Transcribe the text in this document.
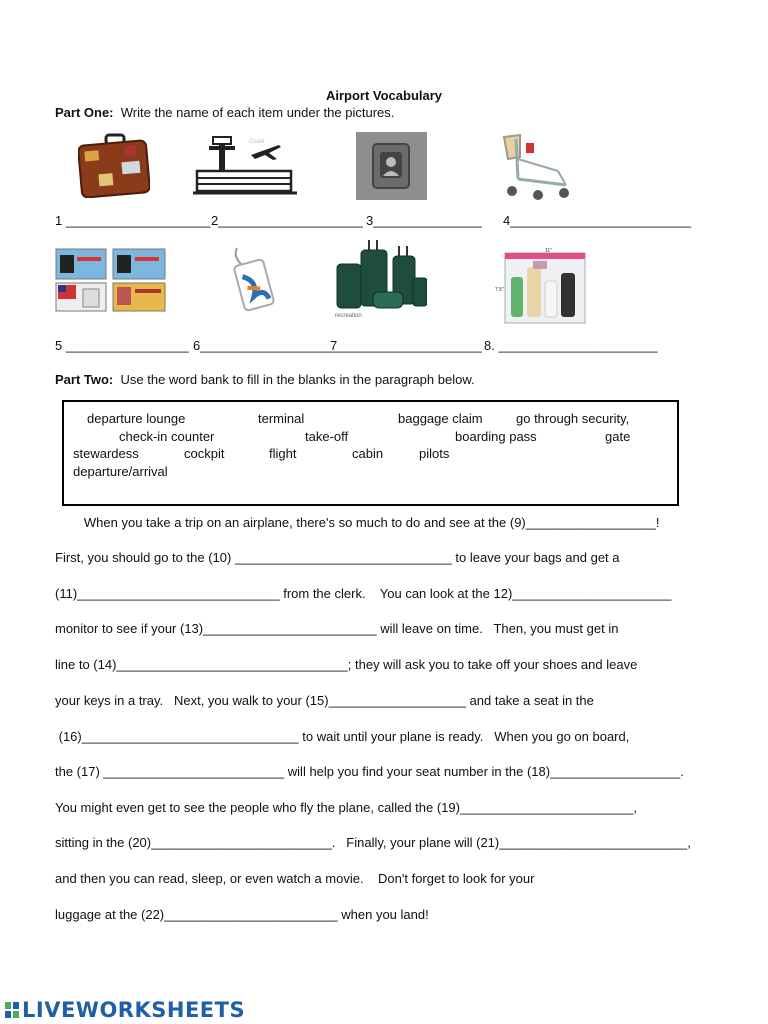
Airport Vocabulary
Part One: Write the name of each item under the pictures.
Coast
1 ____________________ 2____________________ 3_______________ 4_________________________
recreation
11"
7.5"
5 _________________ 6___________________
7____________________ 8. ______________________
Part Two: Use the word bank to fill in the blanks in the paragraph below.
departure lounge	terminal	baggage claim	go through security,
check-in counter	take-off	boarding pass	gate
stewardess	cockpit	flight	cabin	pilots
departure/arrival
When you take a trip on an airplane, there's so much to do and see at the (9)__________________!
First, you should go to the (10) ______________________________ to leave your bags and get a
(11)____________________________ from the clerk.    You can look at the 12)______________________
monitor to see if your (13)________________________ will leave on time.   Then, you must get in
line to (14)________________________________; they will ask you to take off your shoes and leave
your keys in a tray.   Next, you walk to your (15)___________________ and take a seat in the
(16)______________________________ to wait until your plane is ready.   When you go on board,
the (17) _________________________ will help you find your seat number in the (18)__________________.
You might even get to see the people who fly the plane, called the (19)________________________,
sitting in the (20)_________________________.   Finally, your plane will (21)__________________________,
and then you can read, sleep, or even watch a movie.    Don't forget to look for your
luggage at the (22)________________________ when you land!
LIVEWORKSHEETS
